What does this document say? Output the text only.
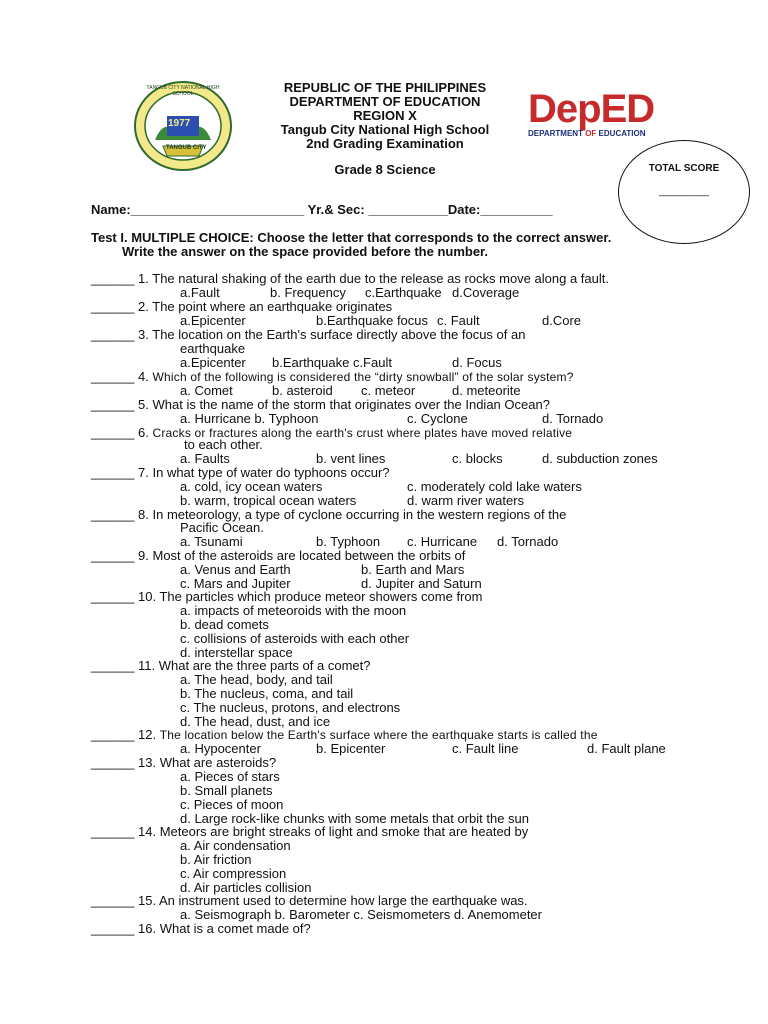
1977
TANGUB CITY
TANGUB CITY NATIONAL HIGH SCHOOL	REPUBLIC OF THE PHILIPPINES
DEPARTMENT OF EDUCATION
REGION X
Tangub City National High School
2nd Grading Examination
Grade 8 Science
DepED
DEPARTMENT OF EDUCATION
TOTAL SCORE
_________
Name:________________________ Yr.& Sec: ___________Date:__________
Test I. MULTIPLE CHOICE: Choose the letter that corresponds to the correct answer.
Write the answer on the space provided before the number.
______ 1. The natural shaking of the earth due to the release as rocks move along a fault.
a.Fault	b. Frequency c.Earthquake d.Coverage
______ 2. The point where an earthquake originates
a.Epicenter	b.Earthquake focus c. Fault	d.Core
______ 3. The location on the Earth's surface directly above the focus of an
earthquake
a.Epicenter b.Earthquake c.Fault	d. Focus
______ 4. Which of the following is considered the “dirty snowball” of the solar system?
a. Comet	b. asteroid c. meteor	d. meteorite
______ 5. What is the name of the storm that originates over the Indian Ocean?
a. Hurricane b. Typhoon	c. Cyclone	d. Tornado
______ 6. Cracks or fractures along the earth's crust where plates have moved relative
to each other.
a. Faults	b. vent lines	c. blocks	d. subduction zones
______ 7. In what type of water do typhoons occur?
a. cold, icy ocean waters	c. moderately cold lake waters
b. warm, tropical ocean waters	d. warm river waters
______ 8. In meteorology, a type of cyclone occurring in the western regions of the
Pacific Ocean.
a. Tsunami	b. Typhoon c. Hurricane d. Tornado
______ 9. Most of the asteroids are located between the orbits of
a. Venus and Earth	b. Earth and Mars
c. Mars and Jupiter	d. Jupiter and Saturn
______ 10. The particles which produce meteor showers come from
a. impacts of meteoroids with the moon
b. dead comets
c. collisions of asteroids with each other
d. interstellar space
______ 11. What are the three parts of a comet?
a. The head, body, and tail
b. The nucleus, coma, and tail
c. The nucleus, protons, and electrons
d. The head, dust, and ice
______ 12. The location below the Earth's surface where the earthquake starts is called the
a. Hypocenter	b. Epicenter	c. Fault line	d. Fault plane
______ 13. What are asteroids?
a. Pieces of stars
b. Small planets
c. Pieces of moon
d. Large rock-like chunks with some metals that orbit the sun
______ 14. Meteors are bright streaks of light and smoke that are heated by
a. Air condensation
b. Air friction
c. Air compression
d. Air particles collision
______ 15. An instrument used to determine how large the earthquake was.
a. Seismograph b. Barometer c. Seismometers d. Anemometer
______ 16. What is a comet made of?
